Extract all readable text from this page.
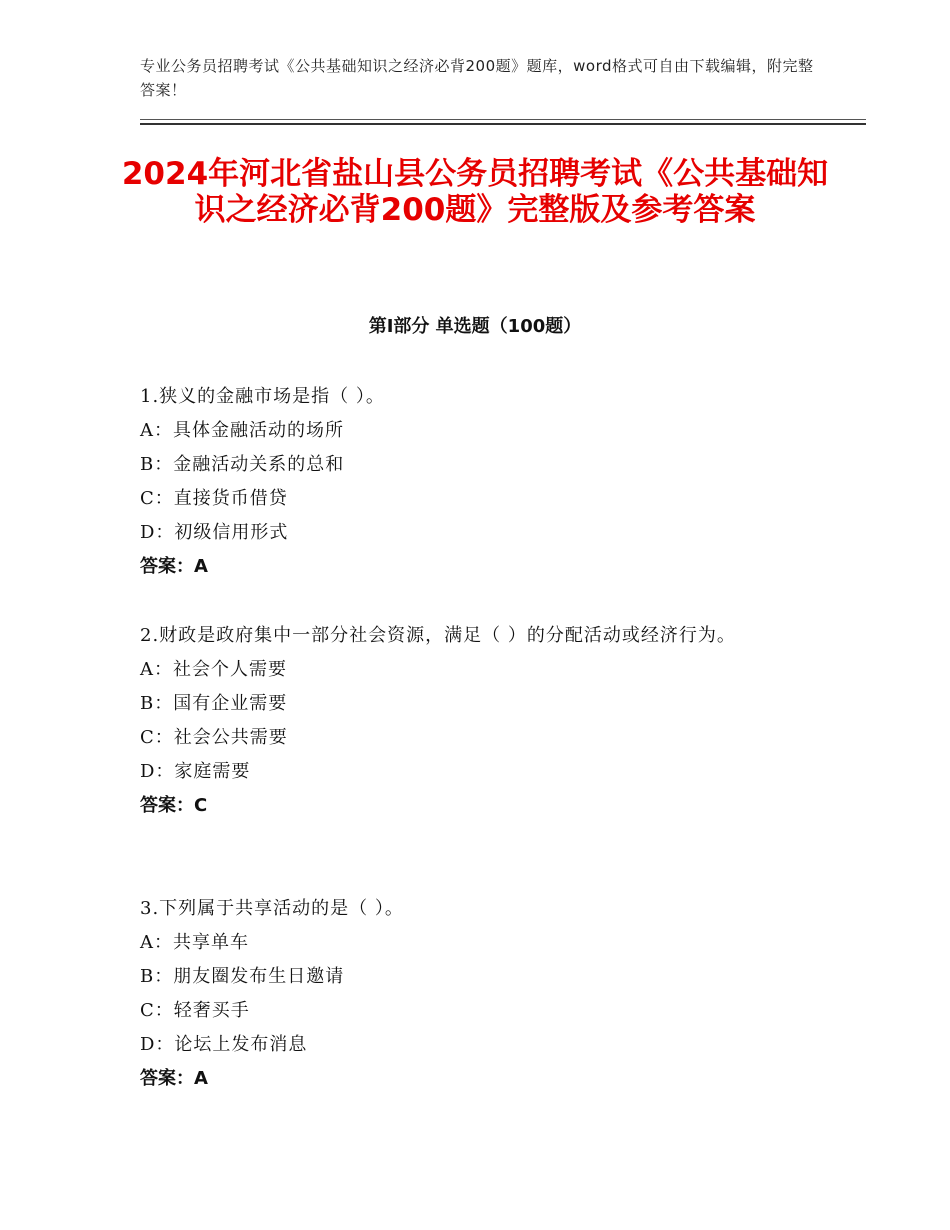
专业公务员招聘考试《公共基础知识之经济必背200题》题库，word格式可自由下载编辑，附完整答案！
2024年河北省盐山县公务员招聘考试《公共基础知识之经济必背200题》完整版及参考答案
第I部分 单选题（100题）
1.狭义的金融市场是指（ ）。
A：具体金融活动的场所
B：金融活动关系的总和
C：直接货币借贷
D：初级信用形式
答案：A
2.财政是政府集中一部分社会资源，满足（ ）的分配活动或经济行为。
A：社会个人需要
B：国有企业需要
C：社会公共需要
D：家庭需要
答案：C
3.下列属于共享活动的是（ ）。
A：共享单车
B：朋友圈发布生日邀请
C：轻奢买手
D：论坛上发布消息
答案：A
